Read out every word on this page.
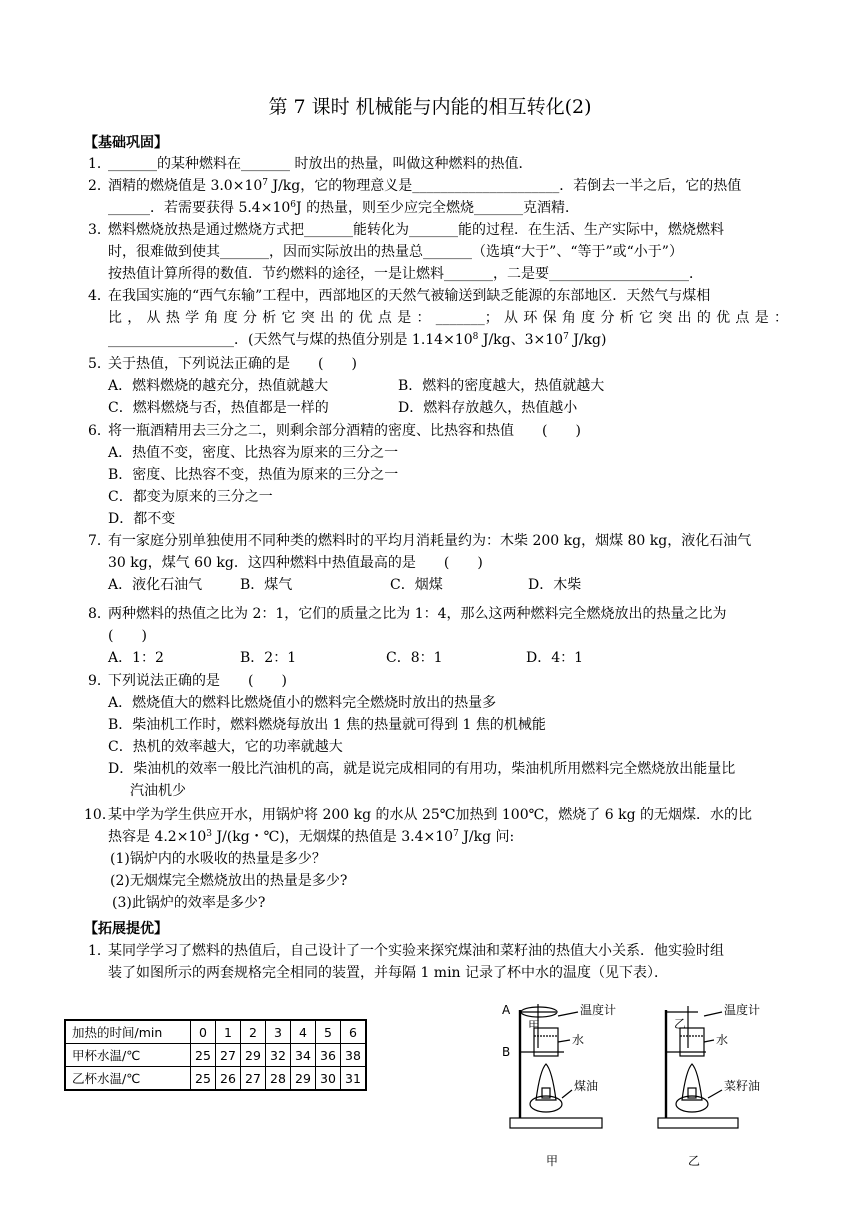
第 7 课时 机械能与内能的相互转化(2)
【基础巩固】
1．
_______的某种燃料在_______ 时放出的热量，叫做这种燃料的热值．
2．
酒精的燃烧值是 $3.0\times 10^7$ J/kg，它的物理意义是_____________________．若倒去一半之后，它的热值
______．若需要获得 $5.4\times 10^6J$ 的热量，则至少应完全燃烧_______克酒精．
3．
燃料燃烧放热是通过燃烧方式把_______能转化为_______能的过程．在生活、生产实际中，燃烧燃料
时，很难做到使其_______，因而实际放出的热量总_______（选填“大于”、“等于”或“小于”）
按热值计算所得的数值．节约燃料的途径，一是让燃料_______，二是要____________________．
4．
在我国实施的“西气东输”工程中，西部地区的天然气被输送到缺乏能源的东部地区．天然气与煤相
比，从热学角度分析它突出的优点是：_______；从环保角度分析它突出的优点是：
__________________．(天然气与煤的热值分别是 $1.14\times 10^8$ J/kg、$3\times 10^7$ J/kg)
5．
关于热值，下列说法正确的是　　(　　)
A．燃料燃烧的越充分，热值就越大	B．燃料的密度越大，热值就越大
C．燃料燃烧与否，热值都是一样的	D．燃料存放越久，热值越小
6．
将一瓶酒精用去三分之二，则剩余部分酒精的密度、比热容和热值　　(　　)
A．热值不变，密度、比热容为原来的三分之一
B．密度、比热容不变，热值为原来的三分之一
C．都变为原来的三分之一
D．都不变
7．
有一家庭分别单独使用不同种类的燃料时的平均月消耗量约为：木柴 200 kg，烟煤 80 kg，液化石油气
30 kg，煤气 60 kg．这四种燃料中热值最高的是　　(　　)
A．液化石油气	B．煤气	C．烟煤	D．木柴
8．
两种燃料的热值之比为 2：1，它们的质量之比为 1：4，那么这两种燃料完全燃烧放出的热量之比为
(　　)
A．1：2	B．2：1	C．8：1	D．4：1
9．
下列说法正确的是　　(　　)
A．燃烧值大的燃料比燃烧值小的燃料完全燃烧时放出的热量多
B．柴油机工作时，燃料燃烧每放出 1 焦的热量就可得到 1 焦的机械能
C．热机的效率越大，它的功率就越大
D．柴油机的效率一般比汽油机的高，就是说完成相同的有用功，柴油机所用燃料完全燃烧放出能量比
汽油机少
10．
某中学为学生供应开水，用锅炉将 200 kg 的水从 25℃加热到 100℃，燃烧了 6 kg 的无烟煤．水的比
热容是 $4.2\times 10^3$ J/(kg・℃)，无烟煤的热值是 $3.4\times 10^7$ J/kg 问:

(1)锅炉内的水吸收的热量是多少？
(2)无烟煤完全燃烧放出的热量是多少?
(3)此锅炉的效率是多少?
【拓展提优】
1．
某同学学习了燃料的热值后，自己设计了一个实验来探究煤油和菜籽油的热值大小关系．他实验时组
装了如图所示的两套规格完全相同的装置，并每隔 1 min 记录了杯中水的温度（见下表）．
加热的时间/min	0	1	2	3	4	5	6
甲杯水温/℃	25	27	29	32	34	36	38
乙杯水温/℃	25	26	27	28	29	30	31
A
B
温度计
甲
水
煤油
甲
温度计
乙
水
菜籽油
乙
